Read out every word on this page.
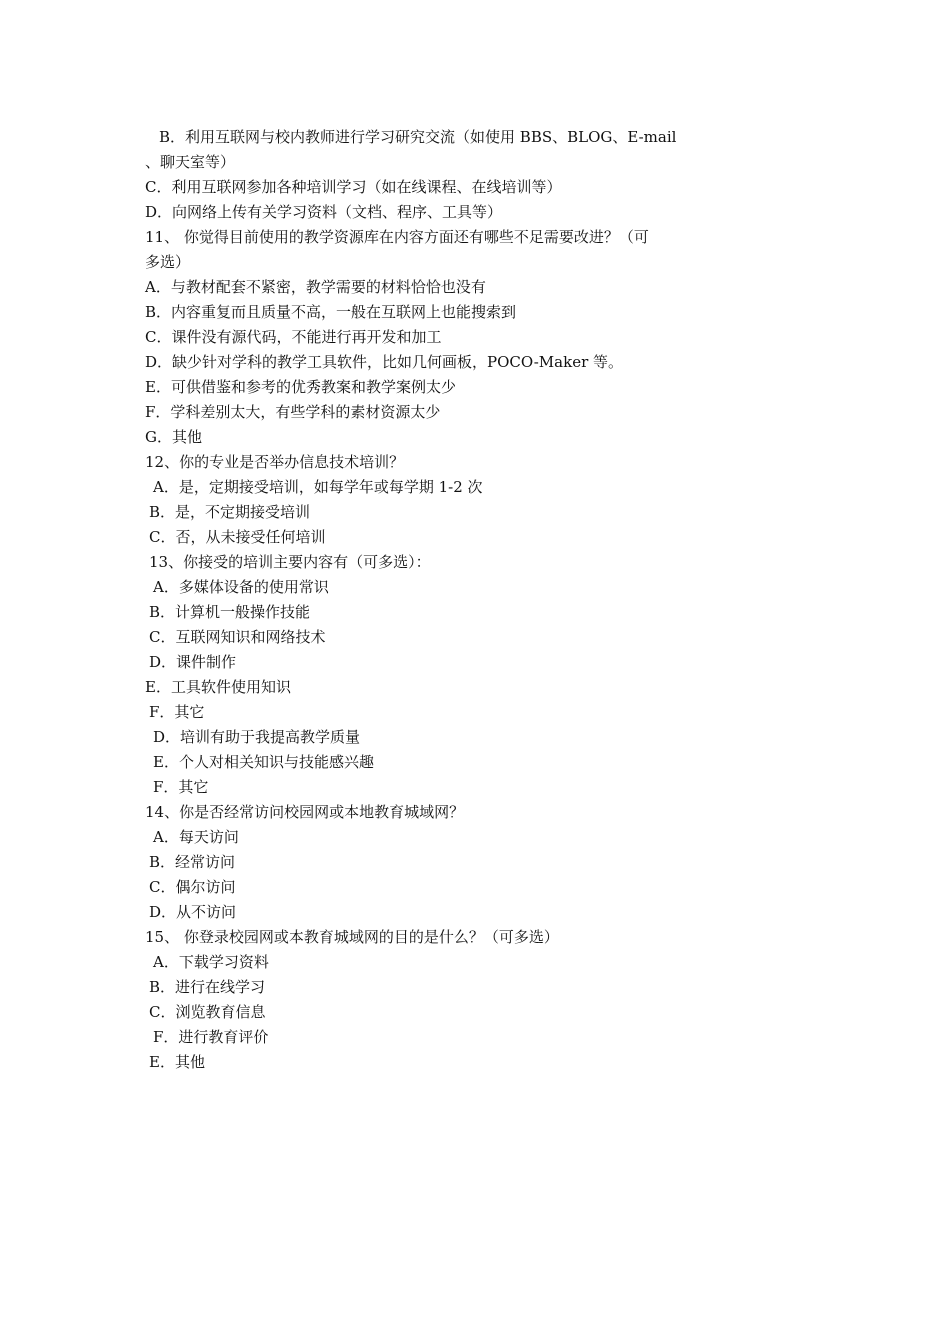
B．利用互联网与校内教师进行学习研究交流（如使用 BBS、BLOG、E-mail
、聊天室等）
C．利用互联网参加各种培训学习（如在线课程、在线培训等）
D．向网络上传有关学习资料（文档、程序、工具等）
11、 你觉得目前使用的教学资源库在内容方面还有哪些不足需要改进？（可
多选）
A．与教材配套不紧密，教学需要的材料恰恰也没有
B．内容重复而且质量不高，一般在互联网上也能搜索到
C．课件没有源代码，不能进行再开发和加工
D．缺少针对学科的教学工具软件，比如几何画板，POCO-Maker 等。
E．可供借鉴和参考的优秀教案和教学案例太少
F．学科差别太大，有些学科的素材资源太少
G．其他
12、你的专业是否举办信息技术培训？
A．是，定期接受培训，如每学年或每学期 1-2 次
B．是，不定期接受培训
C．否，从未接受任何培训
13、你接受的培训主要内容有（可多选）：
A．多媒体设备的使用常识
B．计算机一般操作技能
C．互联网知识和网络技术
D．课件制作
E．工具软件使用知识
F．其它
D．培训有助于我提高教学质量
E．个人对相关知识与技能感兴趣
F．其它
14、你是否经常访问校园网或本地教育城域网？
A．每天访问
B．经常访问
C．偶尔访问
D．从不访问
15、 你登录校园网或本教育城域网的目的是什么？（可多选）
A．下载学习资料
B．进行在线学习
C．浏览教育信息
F．进行教育评价
E．其他
